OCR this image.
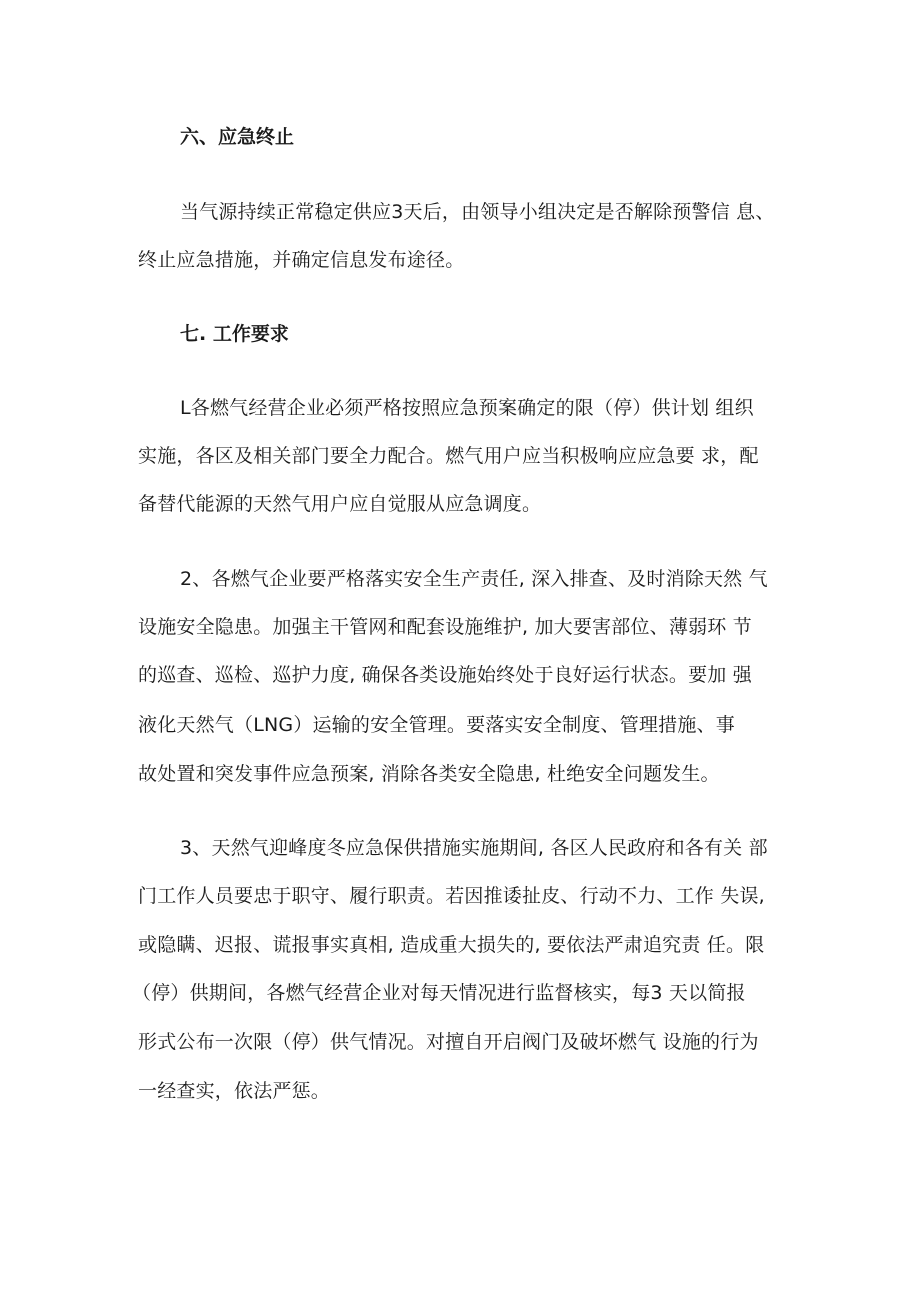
六、应急终止
当气源持续正常稳定供应3天后，由领导小组决定是否解除预警信 息、
终止应急措施，并确定信息发布途径。
七. 工作要求
L各燃气经营企业必须严格按照应急预案确定的限（停）供计划 组织
实施，各区及相关部门要全力配合。燃气用户应当积极响应应急要 求，配
备替代能源的天然气用户应自觉服从应急调度。
2、各燃气企业要严格落实安全生产责任, 深入排查、及时消除天然 气
设施安全隐患。加强主干管网和配套设施维护, 加大要害部位、薄弱环 节
的巡查、巡检、巡护力度, 确保各类设施始终处于良好运行状态。要加 强
液化天然气（LNG）运输的安全管理。要落实安全制度、管理措施、事
故处置和突发事件应急预案, 消除各类安全隐患, 杜绝安全问题发生。
3、天然气迎峰度冬应急保供措施实施期间, 各区人民政府和各有关 部
门工作人员要忠于职守、履行职责。若因推诿扯皮、行动不力、工作 失误,
或隐瞒、迟报、谎报事实真相, 造成重大损失的, 要依法严肃追究责 任。限
（停）供期间，各燃气经营企业对每天情况进行监督核实，每3 天以简报
形式公布一次限（停）供气情况。对擅自开启阀门及破坏燃气 设施的行为
一经查实，依法严惩。
